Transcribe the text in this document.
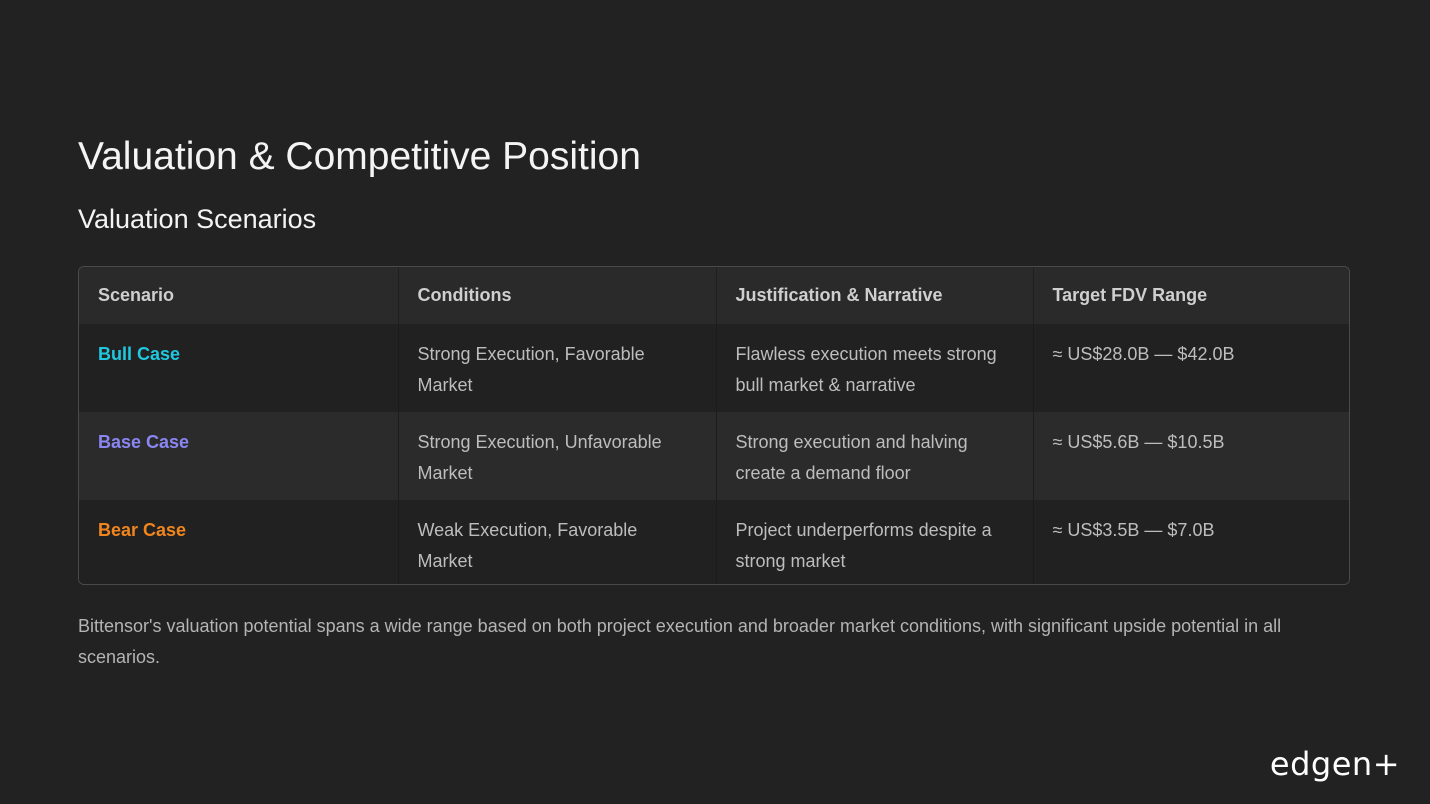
Valuation & Competitive Position
Valuation Scenarios
Scenario	Conditions	Justification & Narrative	Target FDV Range
Bull Case	Strong Execution, Favorable Market	Flawless execution meets strong bull market & narrative	≈ US$28.0B — $42.0B
Base Case	Strong Execution, Unfavorable Market	Strong execution and halving create a demand floor	≈ US$5.6B — $10.5B
Bear Case	Weak Execution, Favorable Market	Project underperforms despite a strong market	≈ US$3.5B — $7.0B

Bittensor's valuation potential spans a wide range based on both project execution and broader market conditions, with significant upside potential in all scenarios.

edgen+
